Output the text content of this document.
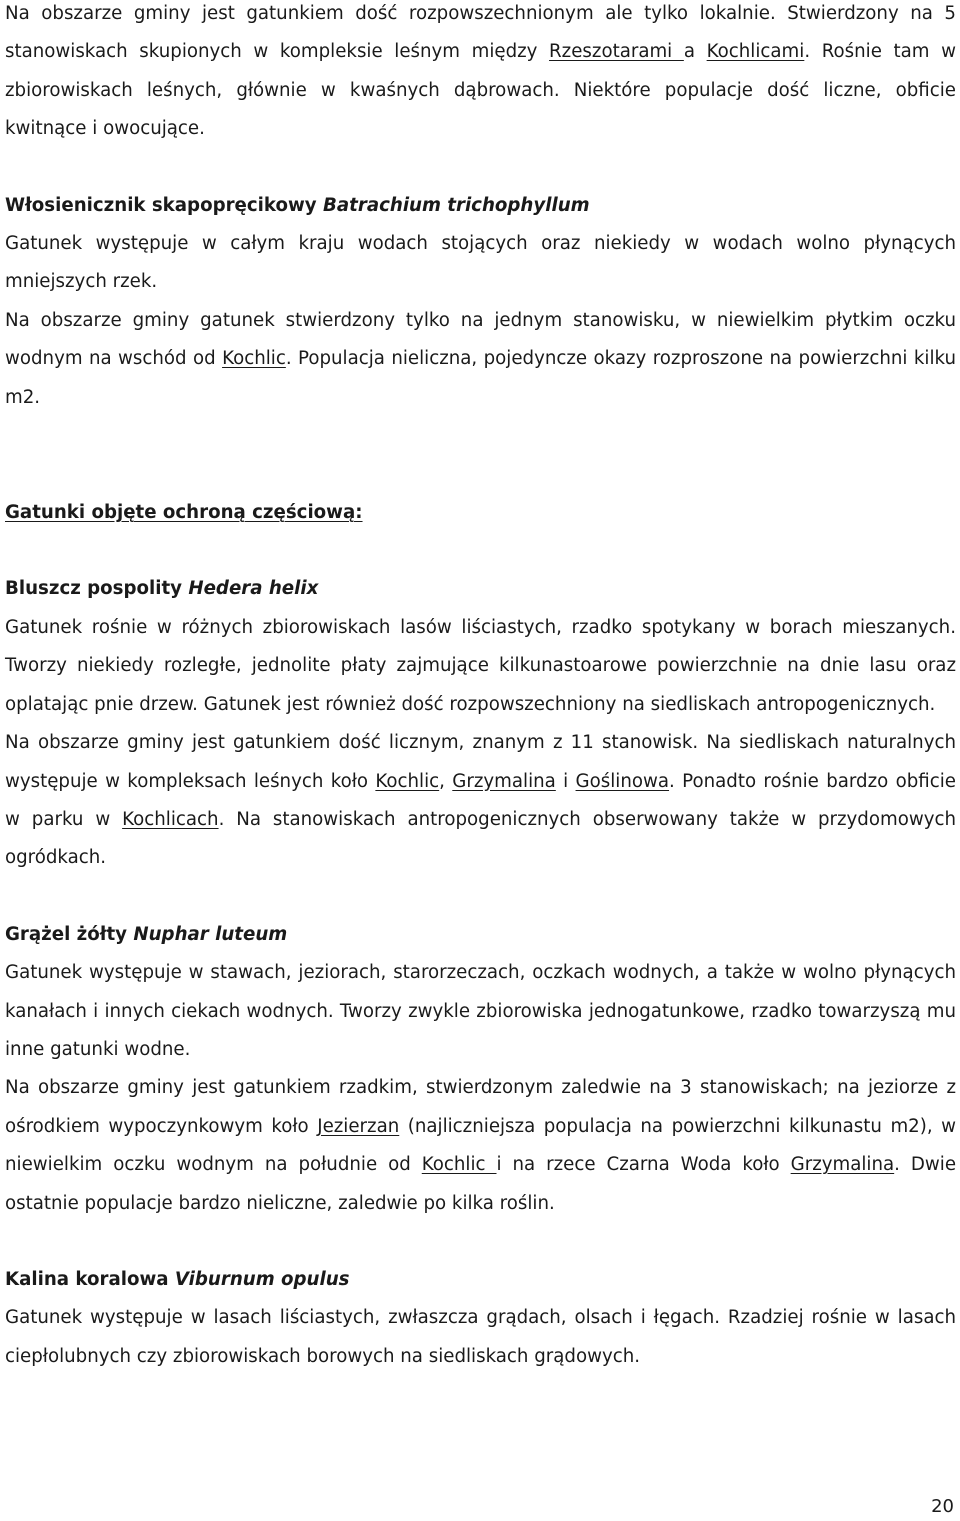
Na obszarze gminy jest gatunkiem dość rozpowszechnionym ale tylko lokalnie. Stwierdzony na 5 stanowiskach skupionych w kompleksie leśnym między Rzeszotarami a Kochlicami. Rośnie tam w zbiorowiskach leśnych, głównie w kwaśnych dąbrowach. Niektóre populacje dość liczne, obficie kwitnące i owocujące.

Włosienicznik skapopręcikowy Batrachium trichophyllum

Gatunek występuje w całym kraju wodach stojących oraz niekiedy w wodach wolno płynących mniejszych rzek.

Na obszarze gminy gatunek stwierdzony tylko na jednym stanowisku, w niewielkim płytkim oczku wodnym na wschód od Kochlic. Populacja nieliczna, pojedyncze okazy rozproszone na powierzchni kilku m2.

Gatunki objęte ochroną częściową:

Bluszcz pospolity Hedera helix

Gatunek rośnie w różnych zbiorowiskach lasów liściastych, rzadko spotykany w borach mieszanych. Tworzy niekiedy rozległe, jednolite płaty zajmujące kilkunastoarowe powierzchnie na dnie lasu oraz oplatając pnie drzew. Gatunek jest również dość rozpowszechniony na siedliskach antropogenicznych.

Na obszarze gminy jest gatunkiem dość licznym, znanym z 11 stanowisk. Na siedliskach naturalnych występuje w kompleksach leśnych koło Kochlic, Grzymalina i Goślinowa. Ponadto rośnie bardzo obficie w parku w Kochlicach. Na stanowiskach antropogenicznych obserwowany także w przydomowych ogródkach.

Grążel żółty Nuphar luteum

Gatunek występuje w stawach, jeziorach, starorzeczach, oczkach wodnych, a także w wolno płynących kanałach i innych ciekach wodnych. Tworzy zwykle zbiorowiska jednogatunkowe, rzadko towarzyszą mu inne gatunki wodne.

Na obszarze gminy jest gatunkiem rzadkim, stwierdzonym zaledwie na 3 stanowiskach; na jeziorze z ośrodkiem wypoczynkowym koło Jezierzan (najliczniejsza populacja na powierzchni kilkunastu m2), w niewielkim oczku wodnym na południe od Kochlic i na rzece Czarna Woda koło Grzymalina. Dwie ostatnie populacje bardzo nieliczne, zaledwie po kilka roślin.

Kalina koralowa Viburnum opulus

Gatunek występuje w lasach liściastych, zwłaszcza grądach, olsach i łęgach. Rzadziej rośnie w lasach ciepłolubnych czy zbiorowiskach borowych na siedliskach grądowych.

20
